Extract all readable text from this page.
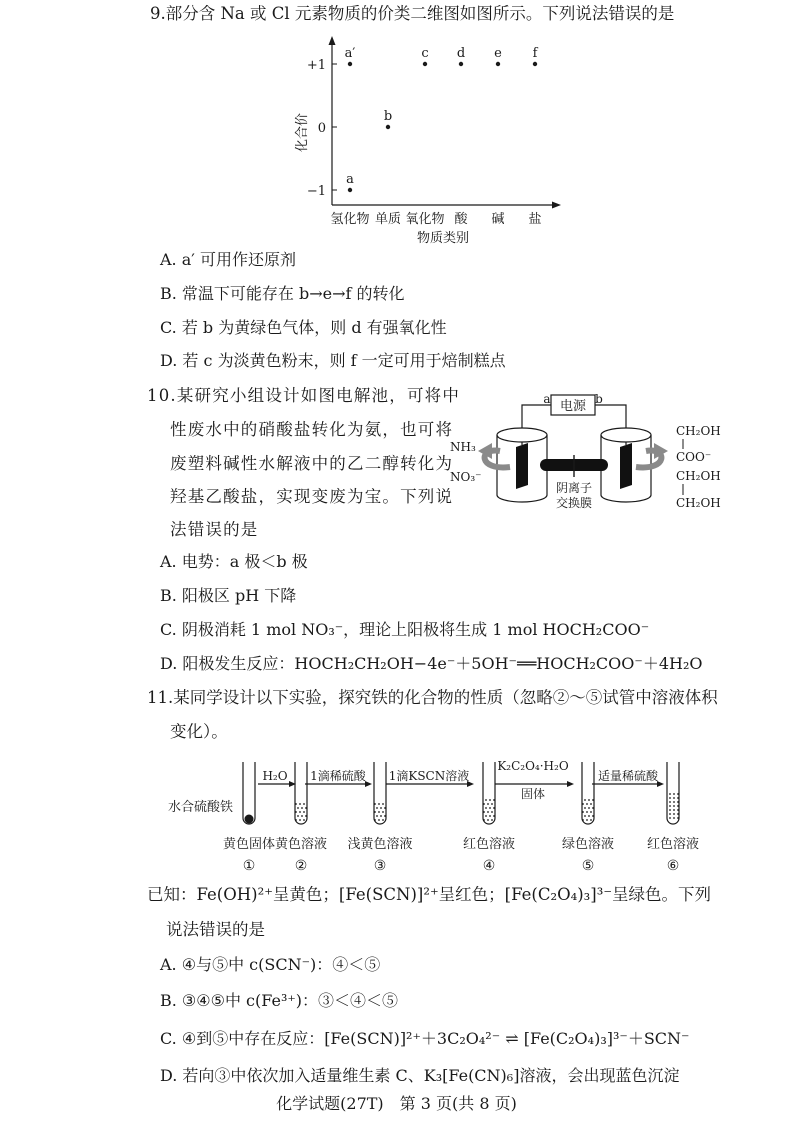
9.部分含 Na 或 Cl 元素物质的价类二维图如图所示。下列说法错误的是
+1
0
−1
化合价
氢化物 单质 氧化物 酸 碱 盐
物质类别
a′
a
b
c d e f
A. a′ 可用作还原剂
B. 常温下可能存在 b→e→f 的转化
C. 若 b 为黄绿色气体，则 d 有强氧化性
D. 若 c 为淡黄色粉末，则 f 一定可用于焙制糕点
10.某研究小组设计如图电解池，可将中
性废水中的硝酸盐转化为氨，也可将
废塑料碱性水解液中的乙二醇转化为
羟基乙酸盐，实现变废为宝。下列说
法错误的是
电源
a	b
阴离子
交换膜
NH₃
NO₃⁻
CH₂OH
COO⁻
CH₂OH
CH₂OH
A. 电势：a 极＜b 极
B. 阳极区 pH 下降
C. 阴极消耗 1 mol NO₃⁻，理论上阳极将生成 1 mol HOCH₂COO⁻
D. 阳极发生反应：HOCH₂CH₂OH−4e⁻＋5OH⁻══HOCH₂COO⁻＋4H₂O
11.某同学设计以下实验，探究铁的化合物的性质（忽略②～⑤试管中溶液体积
变化）。
水合硫酸铁
黄色固体
①
黄色溶液
②
浅黄色溶液
③
红色溶液
④
绿色溶液
⑤
红色溶液
⑥
H₂O 1滴稀硫酸 1滴KSCN溶液
K₂C₂O₄·H₂O
固体
适量稀硫酸
已知：Fe(OH)²⁺呈黄色；[Fe(SCN)]²⁺呈红色；[Fe(C₂O₄)₃]³⁻呈绿色。下列
说法错误的是
A. ④与⑤中 c(SCN⁻)：④＜⑤
B. ③④⑤中 c(Fe³⁺)：③＜④＜⑤
C. ④到⑤中存在反应：[Fe(SCN)]²⁺＋3C₂O₄²⁻ ⇌ [Fe(C₂O₄)₃]³⁻＋SCN⁻
D. 若向③中依次加入适量维生素 C、K₃[Fe(CN)₆]溶液，会出现蓝色沉淀
化学试题(27T)　第 3 页(共 8 页)
